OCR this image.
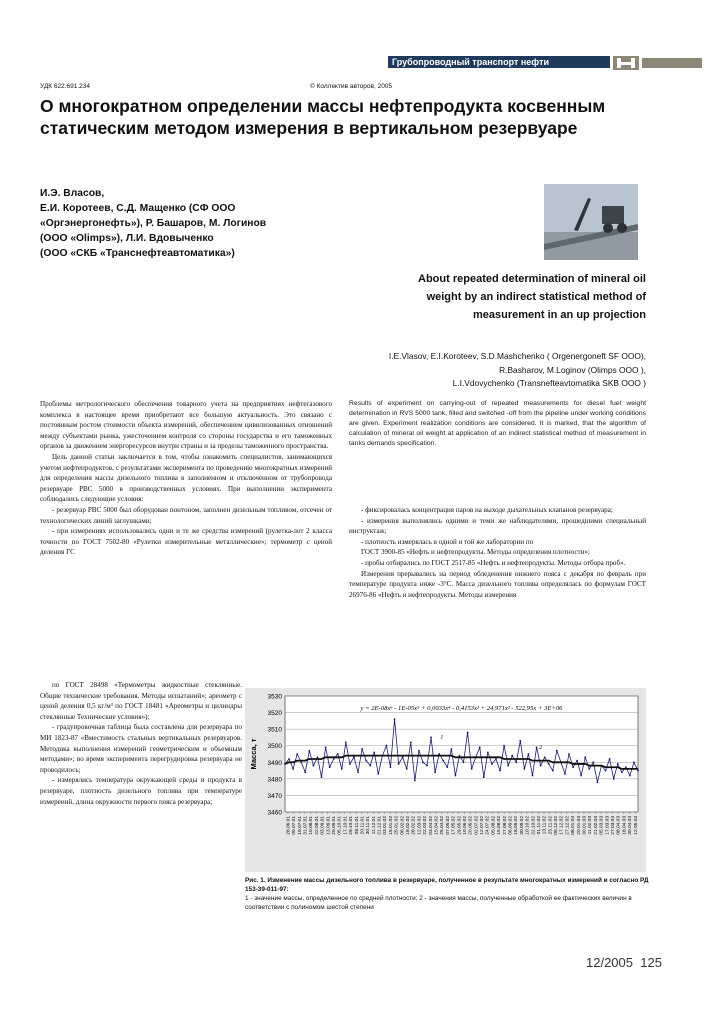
Грубопроводный транспорт нефти
УДК 622.691.234	© Коллектив авторов, 2005
О многократном определении массы нефтепродукта косвенным статическим методом измерения в вертикальном резервуаре
И.Э. Власов,
Е.И. Коротеев, С.Д. Мащенко (СФ ООО «Оргэнергонефть»), Р. Башаров, М. Логинов (ООО «Olimps»), Л.И. Вдовыченко
(ООО «СКБ «Транснефтеавтоматика»)
About repeated determination of mineral oil
weight by an indirect statistical method of
measurement in an up projection
I.E.Vlasov, E.I.Koroteev, S.D.Mashchenko ( Orgenergoneft SF OOO),
R.Basharov, M.Loginov (Olimps OOO ),
L.I.Vdovychenko (Transnefteavtomatika SKB OOO )

Проблемы метрологического обеспечения товарного учета на предприятиях нефтегазового комплекса в настоящее время приобретают все большую актуальность. Это связано с постоянным ростом стоимости объекта измерений, обеспечением цивилизованных отношений между субъектами рынка, ужесточением контроля со стороны государства и его таможенных органов за движением энергоресурсов внутри страны и за пределы таможенного пространства.

Цель данной статьи заключается в том, чтобы ознакомить специалистов, занимающихся учетом нефтепродуктов, с результатами эксперимента по проведению многократных измерений для определения массы дизельного топлива в заполненном и отключенном от трубопровода резервуаре РВС 5000 в производственных условиях. При выполнении эксперимента соблюдались следующие условия:

- резервуар РВС 5000 был оборудован понтоном, заполнен дизельным топливом, отсечен от технологических линий заглушками;

- при измерениях использовались одни и те же средства измерений (рулетка-лот 2 класса точности по ГОСТ 7502-80 «Рулетки измерительные металлические»; термометр с ценой деления ГС

Results of experiment on carrying-out of repeated measurements for diesel fuel weight determination in RVS 5000 tank, filled and switched -off from the pipeline under working conditions are given. Experiment realization conditions are considered. It is marked, that the algorithm of calculation of mineral oil weight at application of an indirect statistical method of measurement in tanks demands specification.

- фиксировалась концентрация паров на выходе дыхательных клапанов резервуара;

- измерения выполнялись одними и теми же наблюдателями, прошедшими специальный инструктаж;

- плотность измерялась в одной и той же лаборатории по

ГОСТ 3900-85 «Нефть и нефтепродукты. Методы определения плотности»;

- пробы отбирались по ГОСТ 2517-85 «Нефть и нефтепродукты. Методы отбора проб».

Измерения прерывались на период обледенения нижнего пояса с декабря по февраль при температуре продукта ниже -3°С. Масса дизельного топлива определялась по формулам ГОСТ 26976-86 «Нефть и нефтепродукты. Методы измерения

по ГОСТ 28498 «Термометры жидкостные стеклянные. Общие технические требования. Методы испытаний»; ареометр с ценой деления 0,5 кг/м³ по ГОСТ 18481 «Ареометры и цилиндры стеклянные Технические условия»);

- градуировочная таблица была составлена для резервуара по МИ 1823-87 «Вместимость стальных вертикальных резервуаров. Методика выполнения измерений геометрическим и объемным методами»; во время эксперимента перегрудировка резервуара не проводилось;

- измерялись температура окружающей среды и продукта в резервуаре, плотность дизельного топлива при температуре измерений, длина окружности первого пояса резервуара;

3530
3520
3510
3500
3490
3480
3470
3460
28.06.01 09.07.01 19.07.01 31.07.01 10.08.01 22.08.01 03.09.01 13.09.01 25.09.01 05.10.01 17.10.01 29.10.01 08.11.01 20.11.01 30.11.01 11.12.01 21.12.01 03.01.02 15.01.02 25.01.02 06.02.02 18.02.02 28.02.02 12.03.02 22.03.02 03.04.02 15.04.02 25.04.02 07.05.02 17.05.02 29.05.02 10.06.02 20.06.02 02.07.02 12.07.02 24.07.02 05.08.02 15.08.02 27.08.02 06.09.02 18.09.02 30.09.02 10.10.02 22.10.02 01.11.02 13.11.02 25.11.02 05.12.02 17.12.02 27.12.02 08.01.03 20.01.03 30.01.03 11.02.03 21.02.03 05.03.03 17.03.03 27.03.03 08.04.03 18.04.03 30.04.03 12.05.03
Масса, т
1
2
y = 2E-08x⁶ - 1E-05x⁵ + 0,0033x⁴ - 0,4153x³ + 24,971x² - 522,95x + 3E+06
Рис. 1. Изменение массы дизельного топлива в резервуаре, полученное в результате многократных измерений и согласно РД 153-39-011-97:
1 - значение массы, определенное по средней плотности; 2 - значения массы, полученные обработкой ее фактических величин в соответствии с полиномом шестой степени
12/2005 125
